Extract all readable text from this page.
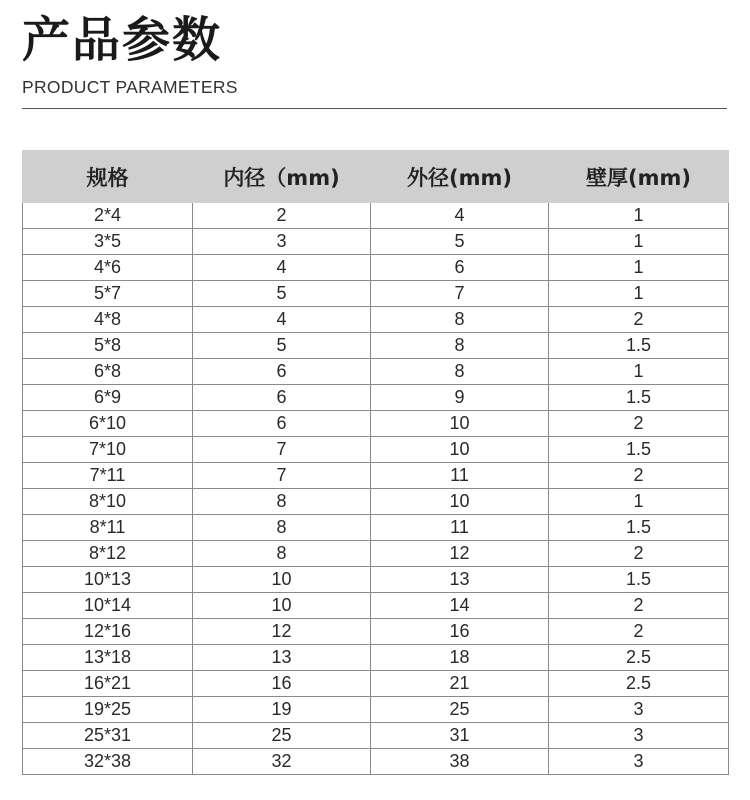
产品参数
PRODUCT PARAMETERS
规格	内径（mm)	外径(mm)	壁厚(mm)
2*4	2	4	1
3*5	3	5	1
4*6	4	6	1
5*7	5	7	1
4*8	4	8	2
5*8	5	8	1.5
6*8	6	8	1
6*9	6	9	1.5
6*10	6	10	2
7*10	7	10	1.5
7*11	7	11	2
8*10	8	10	1
8*11	8	11	1.5
8*12	8	12	2
10*13	10	13	1.5
10*14	10	14	2
12*16	12	16	2
13*18	13	18	2.5
16*21	16	21	2.5
19*25	19	25	3
25*31	25	31	3
32*38	32	38	3
